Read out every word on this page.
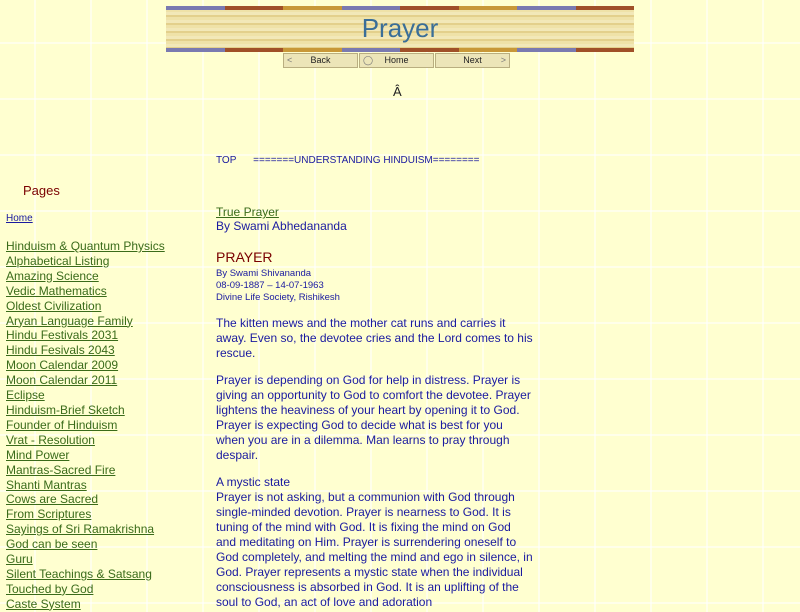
Prayer
< Back	◯ Home	Next >
Â
TOP =======UNDERSTANDING HINDUISM========
Pages
Home
Hinduism & Quantum Physics
Alphabetical Listing
Amazing Science
Vedic Mathematics
Oldest Civilization
Aryan Language Family
Hindu Festivals 2031
Hindu Fesivals 2043
Moon Calendar 2009
Moon Calendar 2011
Eclipse
Hinduism-Brief Sketch
Founder of Hinduism
Vrat - Resolution
Mind Power
Mantras-Sacred Fire
Shanti Mantras
Cows are Sacred
From Scriptures
Sayings of Sri Ramakrishna
God can be seen
Guru
Silent Teachings & Satsang
Touched by God
Caste System
True Prayer
By Swami Abhedananda
PRAYER
By Swami Shivananda
08-09-1887 – 14-07-1963
Divine Life Society, Rishikesh

The kitten mews and the mother cat runs and carries it away. Even so, the devotee cries and the Lord comes to his rescue.

Prayer is depending on God for help in distress. Prayer is giving an opportunity to God to comfort the devotee. Prayer lightens the heaviness of your heart by opening it to God. Prayer is expecting God to decide what is best for you when you are in a dilemma. Man learns to pray through despair.

A mystic state

Prayer is not asking, but a communion with God through single-minded devotion. Prayer is nearness to God. It is tuning of the mind with God. It is fixing the mind on God and meditating on Him. Prayer is surrendering oneself to God completely, and melting the mind and ego in silence, in God. Prayer represents a mystic state when the individual consciousness is absorbed in God. It is an uplifting of the soul to God, an act of love and adoration
